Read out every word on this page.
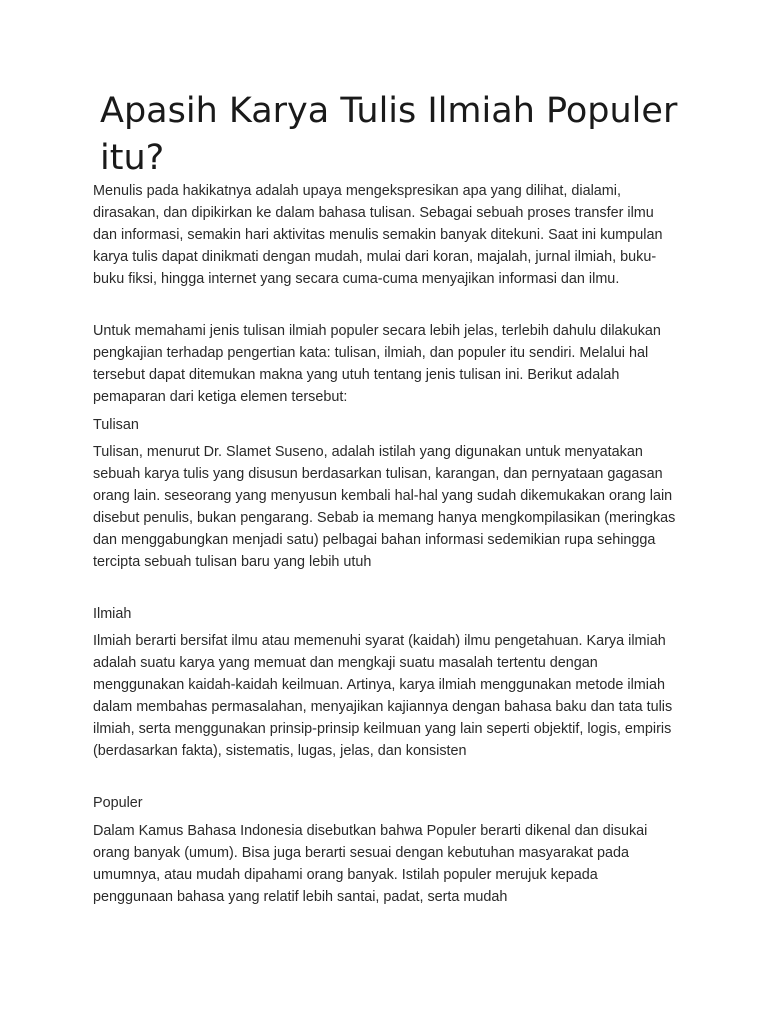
Apasih Karya Tulis Ilmiah Populer itu?

Menulis pada hakikatnya adalah upaya mengekspresikan apa yang dilihat, dialami, dirasakan, dan dipikirkan ke dalam bahasa tulisan. Sebagai sebuah proses transfer ilmu dan informasi, semakin hari aktivitas menulis semakin banyak ditekuni. Saat ini kumpulan karya tulis dapat dinikmati dengan mudah, mulai dari koran, majalah, jurnal ilmiah, buku-buku fiksi, hingga internet yang secara cuma-cuma menyajikan informasi dan ilmu.

Untuk memahami jenis tulisan ilmiah populer secara lebih jelas, terlebih dahulu dilakukan pengkajian terhadap pengertian kata: tulisan, ilmiah, dan populer itu sendiri. Melalui hal tersebut dapat ditemukan makna yang utuh tentang jenis tulisan ini. Berikut adalah pemaparan dari ketiga elemen tersebut:

Tulisan

Tulisan, menurut Dr. Slamet Suseno, adalah istilah yang digunakan untuk menyatakan sebuah karya tulis yang disusun berdasarkan tulisan, karangan, dan pernyataan gagasan orang lain. seseorang yang menyusun kembali hal-hal yang sudah dikemukakan orang lain disebut penulis, bukan pengarang. Sebab ia memang hanya mengkompilasikan (meringkas dan menggabungkan menjadi satu) pelbagai bahan informasi sedemikian rupa sehingga tercipta sebuah tulisan baru yang lebih utuh

Ilmiah

Ilmiah berarti bersifat ilmu atau memenuhi syarat (kaidah) ilmu pengetahuan. Karya ilmiah adalah suatu karya yang memuat dan mengkaji suatu masalah tertentu dengan menggunakan kaidah-kaidah keilmuan. Artinya, karya ilmiah menggunakan metode ilmiah dalam membahas permasalahan, menyajikan kajiannya dengan bahasa baku dan tata tulis ilmiah, serta menggunakan prinsip-prinsip keilmuan yang lain seperti objektif, logis, empiris (berdasarkan fakta), sistematis, lugas, jelas, dan konsisten

Populer

Dalam Kamus Bahasa Indonesia disebutkan bahwa Populer berarti dikenal dan disukai orang banyak (umum). Bisa juga berarti sesuai dengan kebutuhan masyarakat pada umumnya, atau mudah dipahami orang banyak. Istilah populer merujuk kepada penggunaan bahasa yang relatif lebih santai, padat, serta mudah
